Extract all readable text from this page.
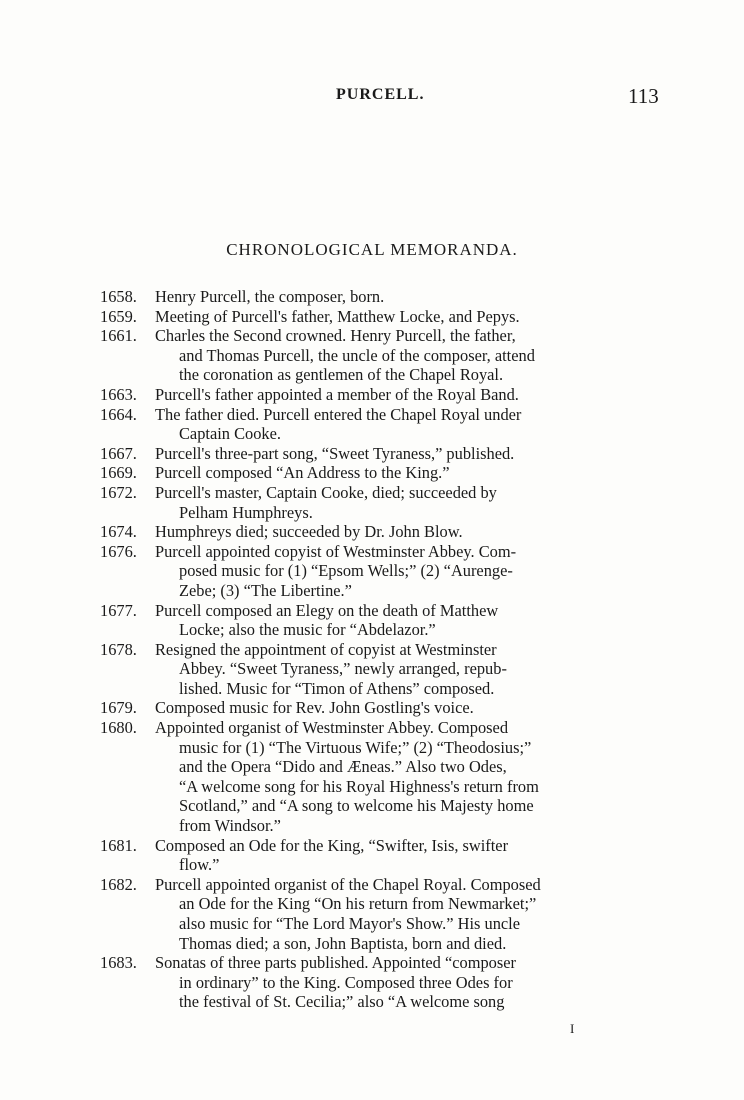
PURCELL.	113
CHRONOLOGICAL MEMORANDA.
1658.	Henry Purcell, the composer, born.
1659.	Meeting of Purcell's father, Matthew Locke, and Pepys.
1661.	Charles the Second crowned. Henry Purcell, the father,
and Thomas Purcell, the uncle of the composer, attend
the coronation as gentlemen of the Chapel Royal.
1663.	Purcell's father appointed a member of the Royal Band.
1664.	The father died. Purcell entered the Chapel Royal under
Captain Cooke.
1667.	Purcell's three-part song, “Sweet Tyraness,” published.
1669.	Purcell composed “An Address to the King.”
1672.	Purcell's master, Captain Cooke, died; succeeded by
Pelham Humphreys.
1674.	Humphreys died; succeeded by Dr. John Blow.
1676.	Purcell appointed copyist of Westminster Abbey. Com-
posed music for (1) “Epsom Wells;” (2) “Aurenge-
Zebe; (3) “The Libertine.”
1677.	Purcell composed an Elegy on the death of Matthew
Locke; also the music for “Abdelazor.”
1678.	Resigned the appointment of copyist at Westminster
Abbey. “Sweet Tyraness,” newly arranged, repub-
lished. Music for “Timon of Athens” composed.
1679.	Composed music for Rev. John Gostling's voice.
1680.	Appointed organist of Westminster Abbey. Composed
music for (1) “The Virtuous Wife;” (2) “Theodosius;”
and the Opera “Dido and Æneas.” Also two Odes,
“A welcome song for his Royal Highness's return from
Scotland,” and “A song to welcome his Majesty home
from Windsor.”
1681.	Composed an Ode for the King, “Swifter, Isis, swifter
flow.”
1682.	Purcell appointed organist of the Chapel Royal. Composed
an Ode for the King “On his return from Newmarket;”
also music for “The Lord Mayor's Show.” His uncle
Thomas died; a son, John Baptista, born and died.
1683.	Sonatas of three parts published. Appointed “composer
in ordinary” to the King. Composed three Odes for
the festival of St. Cecilia;” also “A welcome song
I
